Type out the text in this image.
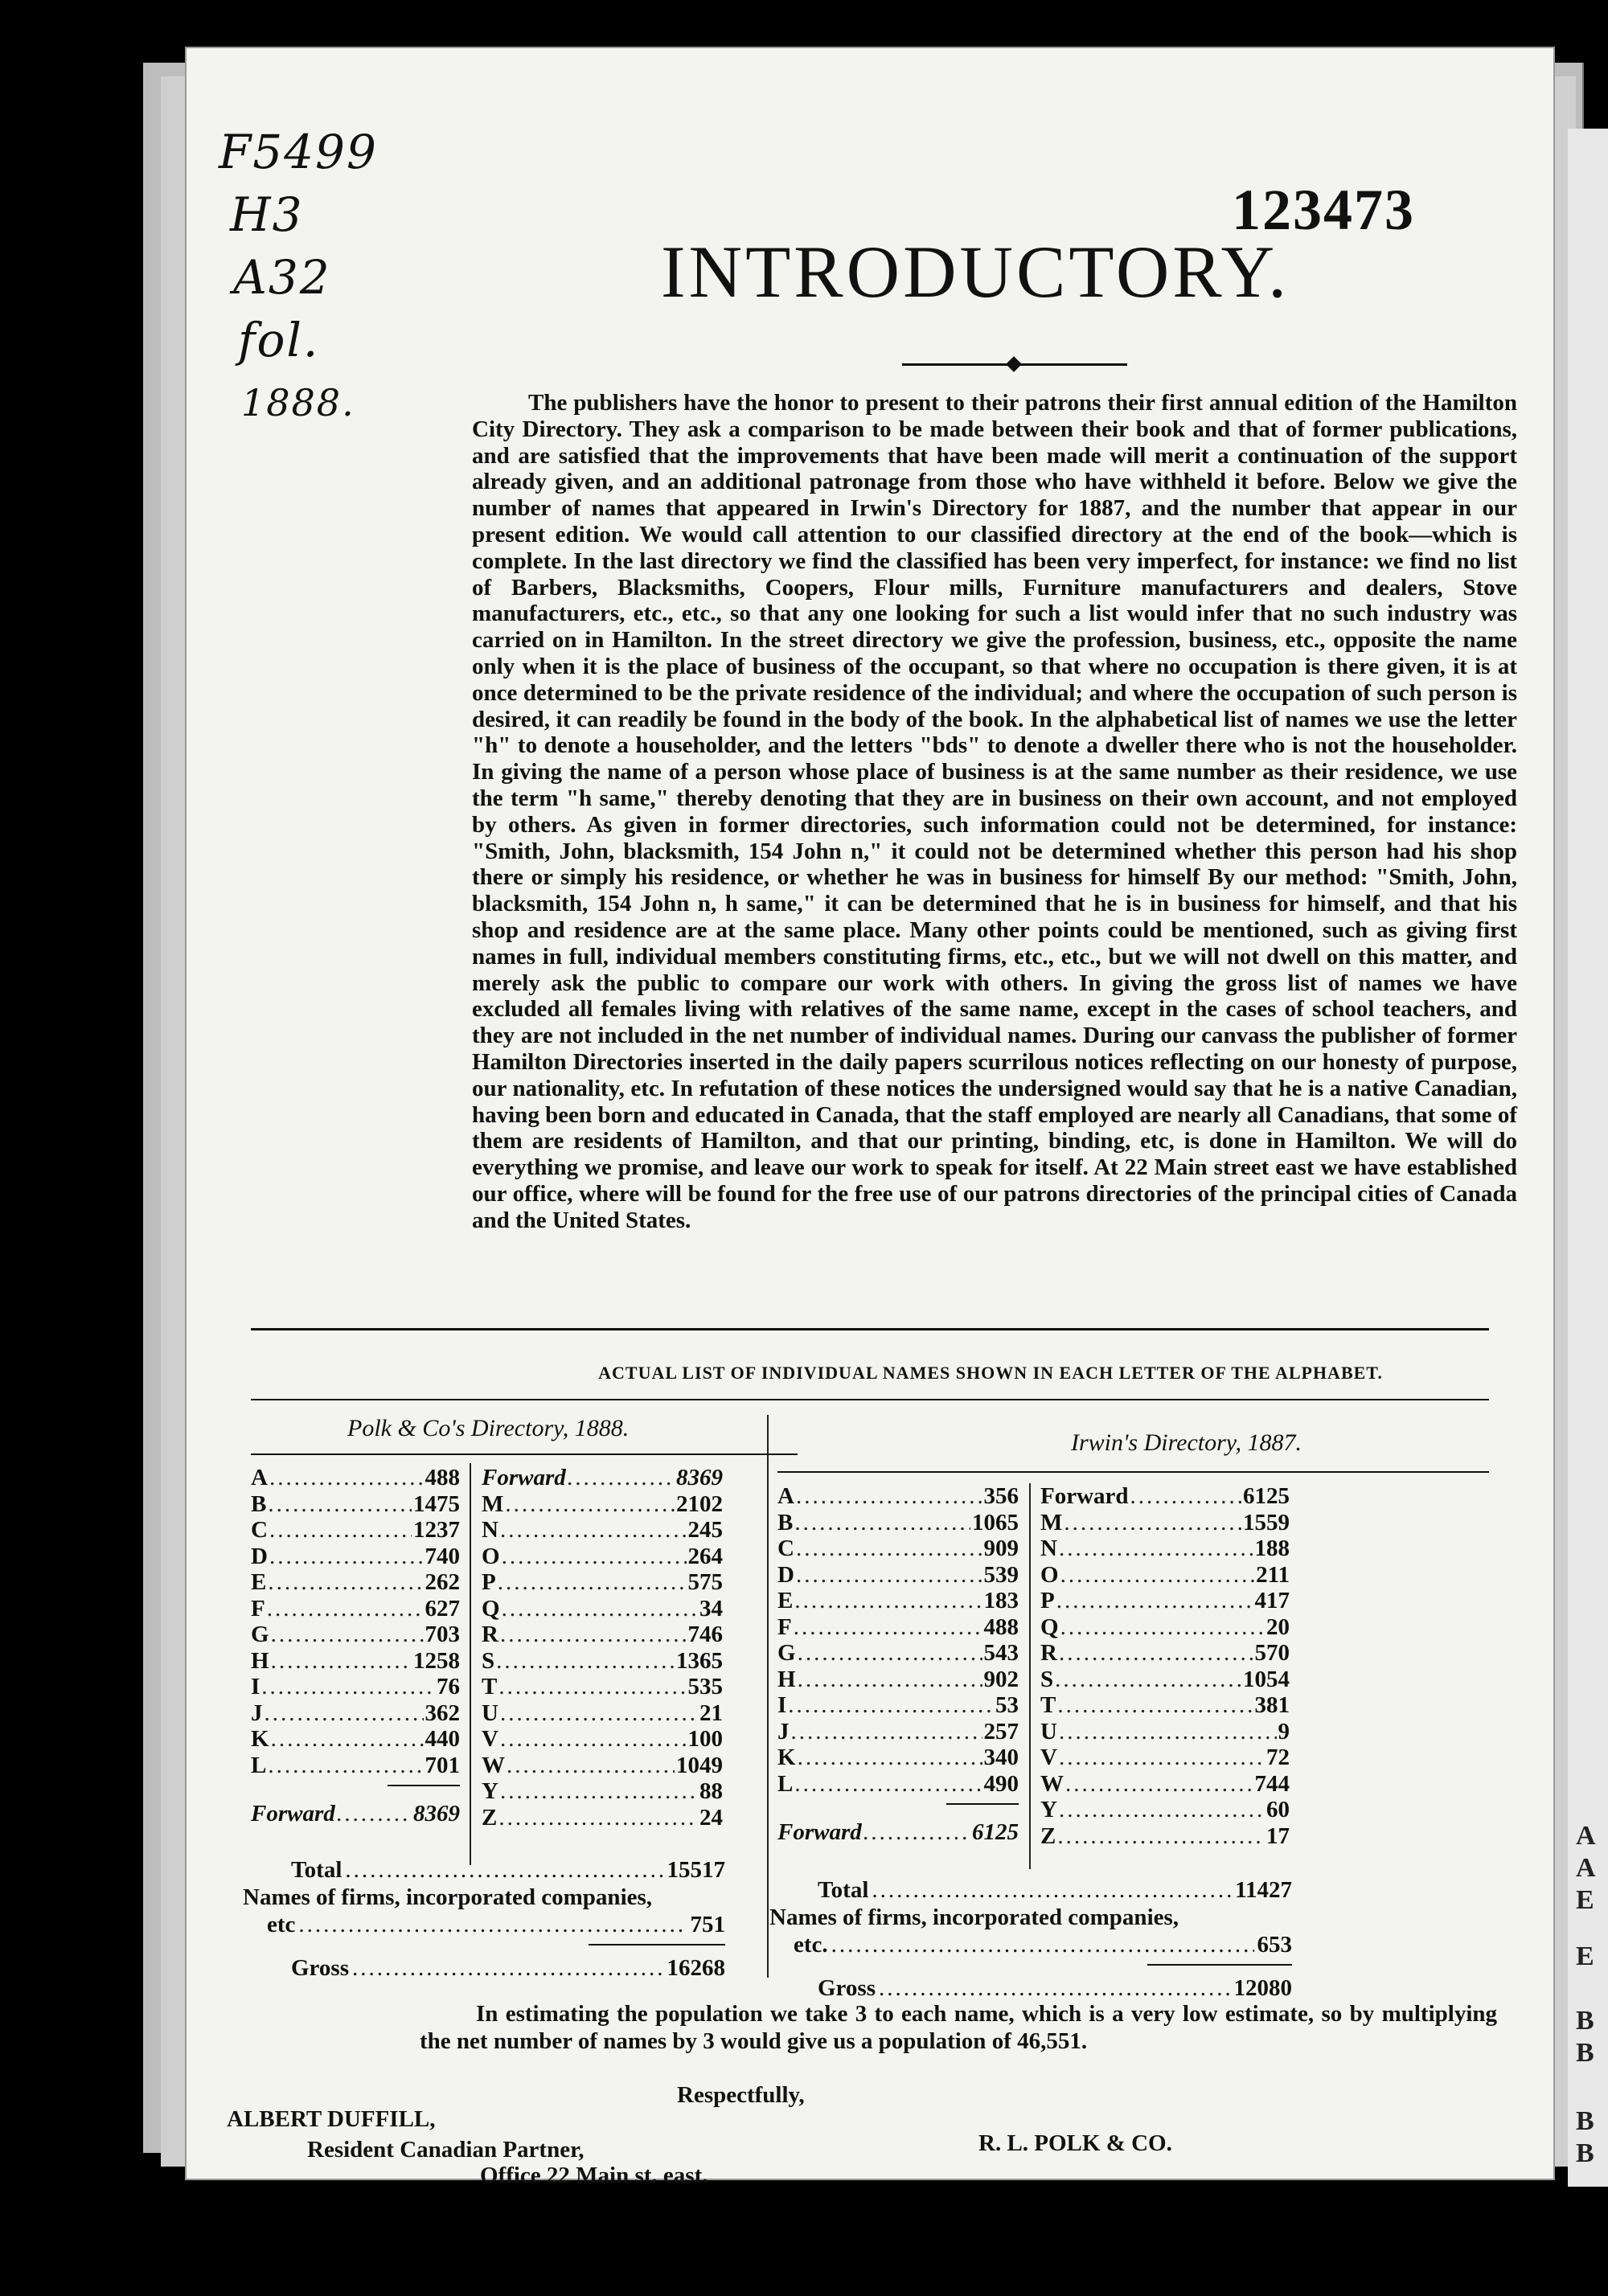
A
A
E
E
B
B
B
B
F5499
H3
A32
fol.
1888.
123473
INTRODUCTORY.
The publishers have the honor to present to their patrons their first annual edition of the Hamilton City Directory. They ask a comparison to be made between their book and that of former publications, and are satisfied that the improvements that have been made will merit a continuation of the support already given, and an additional patronage from those who have withheld it before. Below we give the number of names that appeared in Irwin's Directory for 1887, and the number that appear in our present edition. We would call attention to our classified directory at the end of the book—which is complete. In the last directory we find the classified has been very imperfect, for instance: we find no list of Barbers, Blacksmiths, Coopers, Flour mills, Furniture manufacturers and dealers, Stove manufacturers, etc., etc., so that any one looking for such a list would infer that no such industry was carried on in Hamilton. In the street directory we give the profession, business, etc., opposite the name only when it is the place of business of the occupant, so that where no occupation is there given, it is at once determined to be the private residence of the individual; and where the occupation of such person is desired, it can readily be found in the body of the book. In the alphabetical list of names we use the letter "h" to denote a householder, and the letters "bds" to denote a dweller there who is not the householder. In giving the name of a person whose place of business is at the same number as their residence, we use the term "h same," thereby denoting that they are in business on their own account, and not employed by others. As given in former directories, such information could not be determined, for instance: "Smith, John, blacksmith, 154 John n," it could not be determined whether this person had his shop there or simply his residence, or whether he was in business for himself By our method: "Smith, John, blacksmith, 154 John n, h same," it can be determined that he is in business for himself, and that his shop and residence are at the same place. Many other points could be mentioned, such as giving first names in full, individual members constituting firms, etc., etc., but we will not dwell on this matter, and merely ask the public to compare our work with others. In giving the gross list of names we have excluded all females living with relatives of the same name, except in the cases of school teachers, and they are not included in the net number of individual names. During our canvass the publisher of former Hamilton Directories inserted in the daily papers scurrilous notices reflecting on our honesty of purpose, our nationality, etc. In refutation of these notices the undersigned would say that he is a native Canadian, having been born and educated in Canada, that the staff employed are nearly all Canadians, that some of them are residents of Hamilton, and that our printing, binding, etc, is done in Hamilton. We will do everything we promise, and leave our work to speak for itself. At 22 Main street east we have established our office, where will be found for the free use of our patrons directories of the principal cities of Canada and the United States.
ACTUAL LIST OF INDIVIDUAL NAMES SHOWN IN EACH LETTER OF THE ALPHABET.
Polk & Co's Directory, 1888.
A .....	488
B .....	1475
C .....	1237
D .....	740
E .....	262
F .....	627
G .....	703
H .....	1258
I .....	76
J .....	362
K .....	440
L .....	701
Forward .....	8369
Forward .....	8369
M .....	2102
N .....	245
O .....	264
P .....	575
Q .....	34
R .....	746
S .....	1365
T .....	535
U .....	21
V .....	100
W .....	1049
Y .....	88
Z .....	24
Total .....	15517
Names of firms, incorporated companies,
etc .....	751
Gross .....	16268
Irwin's Directory, 1887.
A .....	356
B .....	1065
C .....	909
D .....	539
E .....	183
F .....	488
G .....	543
H .....	902
I .....	53
J .....	257
K .....	340
L .....	490
Forward .....	6125
Forward .....	6125
M .....	1559
N .....	188
O .....	211
P .....	417
Q .....	20
R .....	570
S .....	1054
T .....	381
U .....	9
V .....	72
W .....	744
Y .....	60
Z .....	17
Total .....	11427
Names of firms, incorporated companies,
etc. .....	653
Gross .....	12080
In estimating the population we take 3 to each name, which is a very low estimate, so by multiplying the net number of names by 3 would give us a population of 46,551.
Respectfully,
ALBERT DUFFILL,
Resident Canadian Partner,
Office 22 Main st. east.
R. L. POLK & CO.
